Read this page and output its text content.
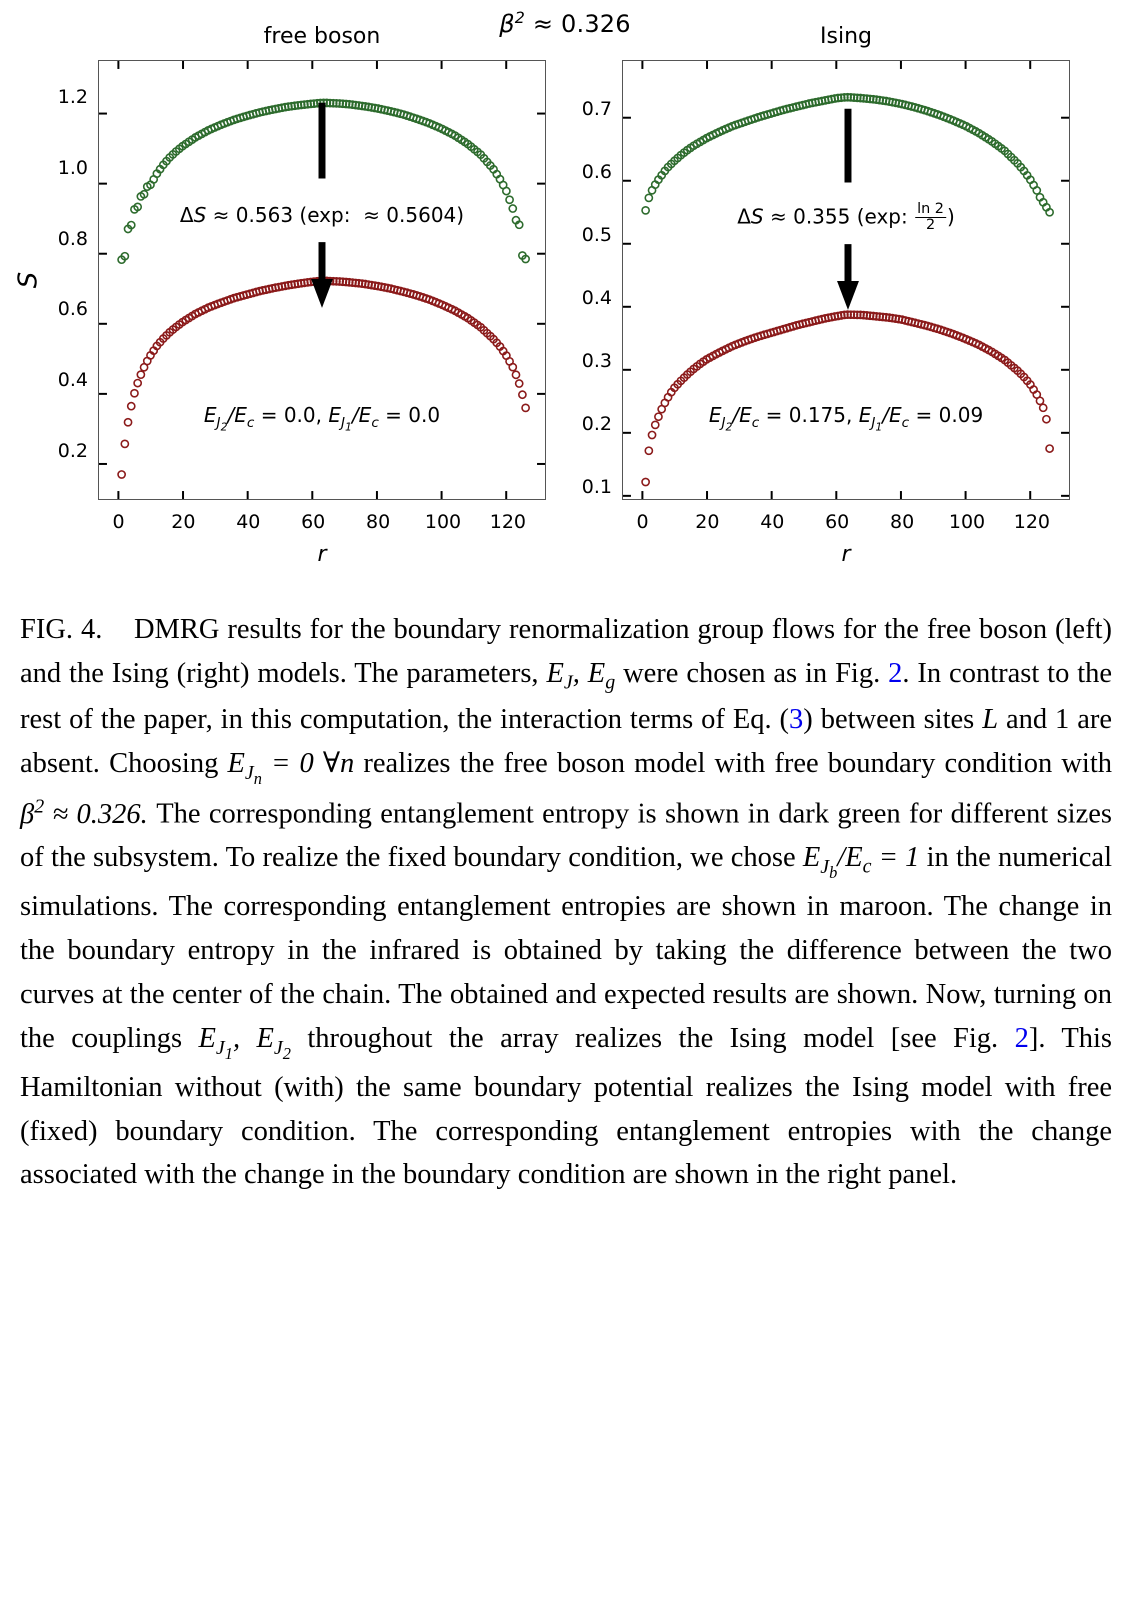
$\beta^2 \approx 0.326$
free boson
S
0.2
0.4
0.6
0.8
1.0
1.2
0 20 40 60 80 100 120
ΔS ≈ 0.563 (exp:  ≈ 0.5604)
$E_{J_2}/E_c = 0.0$, $E_{J_1}/E_c = 0.0$
r
Ising
0.1
0.2
0.3
0.4
0.5
0.6
0.7
0 20 40 60 80 100 120
ΔS ≈ 0.355 (exp: $\frac{\ln 2}{2}$ )
$E_{J_2}/E_c = 0.175$, $E_{J_1}/E_c = 0.09$
r
FIG. 4. DMRG results for the boundary renormalization group flows for the free boson (left) and the Ising (right) models. The parameters, $E_J$, $E_g$ were chosen as in Fig. 2. In contrast to the rest of the paper, in this computation, the interaction terms of Eq. (3) between sites L and 1 are absent. Choosing $E_{J_n} = 0$ ∀n realizes the free boson model with free boundary condition with $\beta^2 \approx 0.326$. The corresponding entanglement entropy is shown in dark green for different sizes of the subsystem. To realize the fixed boundary condition, we chose $E_{J_b}/E_c = 1$ in the numerical simulations. The corresponding entanglement entropies are shown in maroon. The change in the boundary entropy in the infrared is obtained by taking the difference between the two curves at the center of the chain. The obtained and expected results are shown. Now, turning on the couplings $E_{J_1}$, $E_{J_2}$ throughout the array realizes the Ising model [see Fig. 2]. This Hamiltonian without (with) the same boundary potential realizes the Ising model with free (fixed) boundary condition. The corresponding entanglement entropies with the change associated with the change in the boundary condition are shown in the right panel.
